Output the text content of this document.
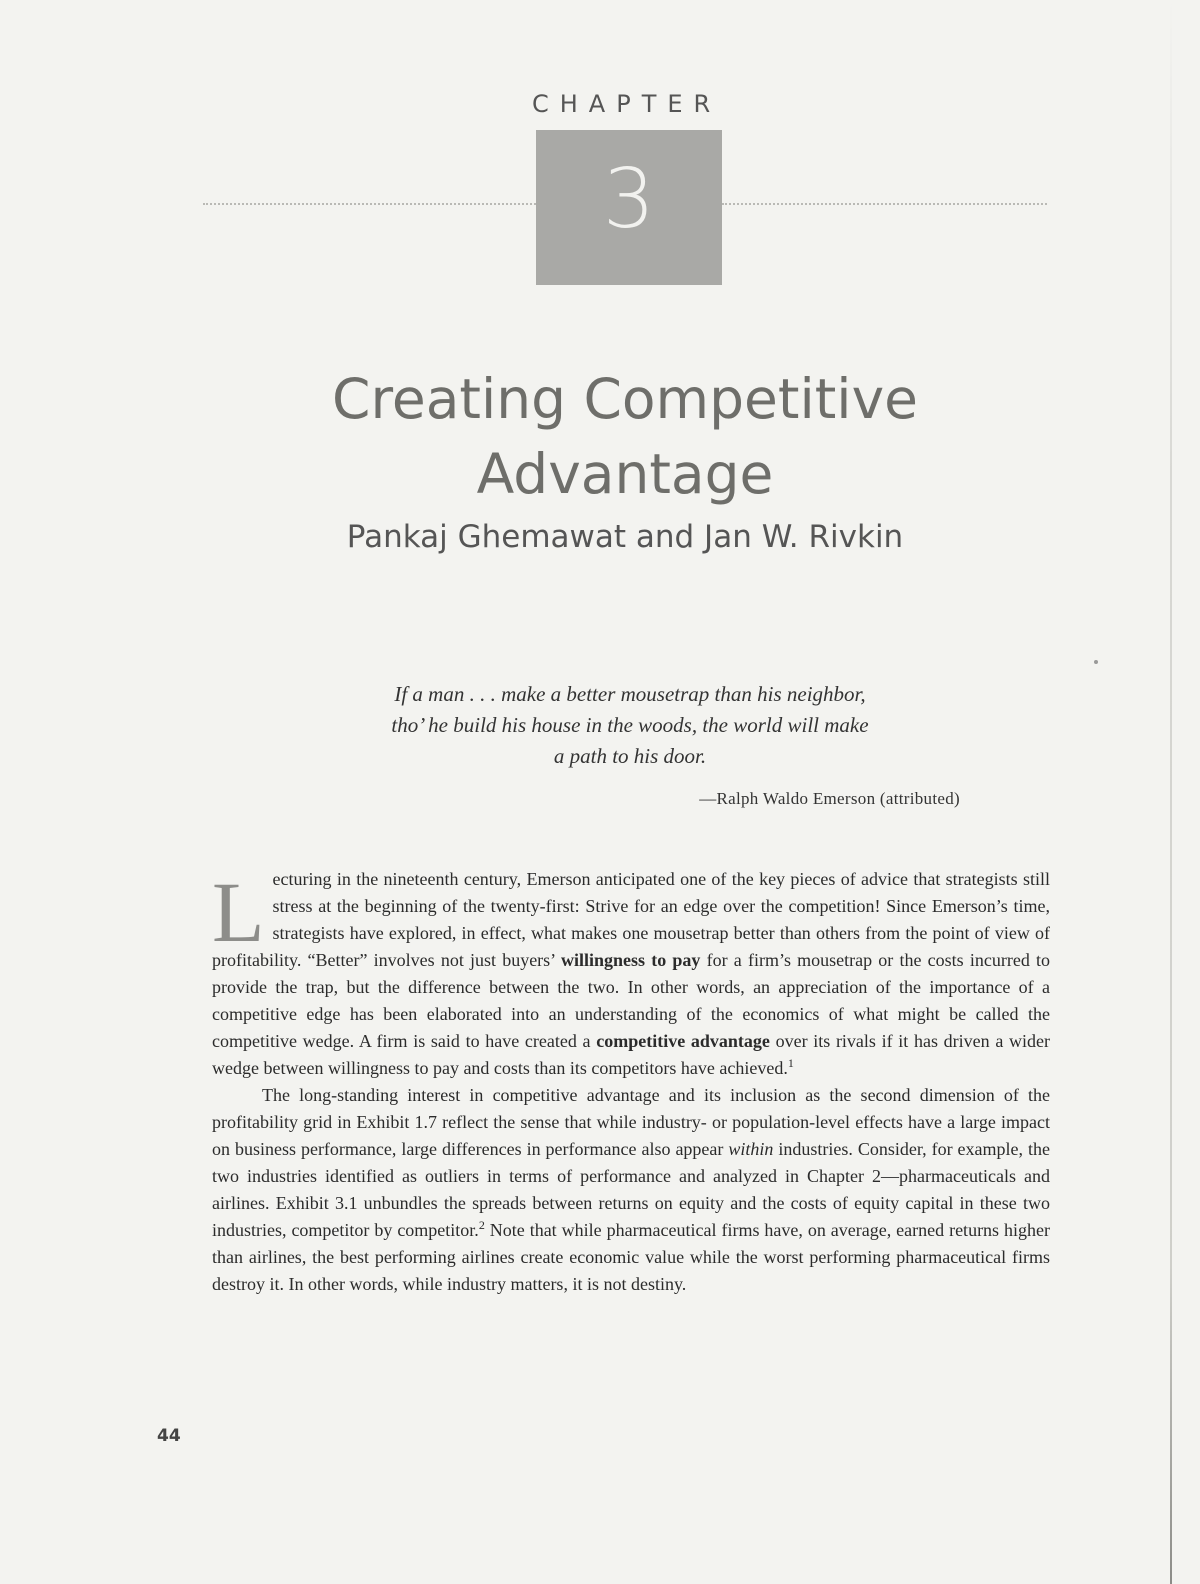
CHAPTER
3
Creating Competitive
Advantage
Pankaj Ghemawat and Jan W. Rivkin
If a man . . . make a better mousetrap than his neighbor,
tho’ he build his house in the woods, the world will make
a path to his door.
—Ralph Waldo Emerson (attributed)

Lecturing in the nineteenth century, Emerson anticipated one of the key pieces of advice that strategists still stress at the beginning of the twenty-first: Strive for an edge over the competition! Since Emerson’s time, strategists have explored, in effect, what makes one mousetrap better than others from the point of view of profitability. “Better” involves not just buyers’ willingness to pay for a firm’s mousetrap or the costs incurred to provide the trap, but the difference between the two. In other words, an appreciation of the importance of a competitive edge has been elaborated into an understanding of the economics of what might be called the competitive wedge. A firm is said to have created a competitive advantage over its rivals if it has driven a wider wedge between willingness to pay and costs than its competitors have achieved.$^1$

The long-standing interest in competitive advantage and its inclusion as the second dimension of the profitability grid in Exhibit 1.7 reflect the sense that while industry- or population-level effects have a large impact on business performance, large differences in performance also appear within industries. Consider, for example, the two industries identified as outliers in terms of performance and analyzed in Chapter 2—pharmaceuticals and airlines. Exhibit 3.1 unbundles the spreads between returns on equity and the costs of equity capital in these two industries, competitor by competitor.$^2$ Note that while pharmaceutical firms have, on average, earned returns higher than airlines, the best performing airlines create economic value while the worst performing pharmaceutical firms destroy it. In other words, while industry matters, it is not destiny.

44
